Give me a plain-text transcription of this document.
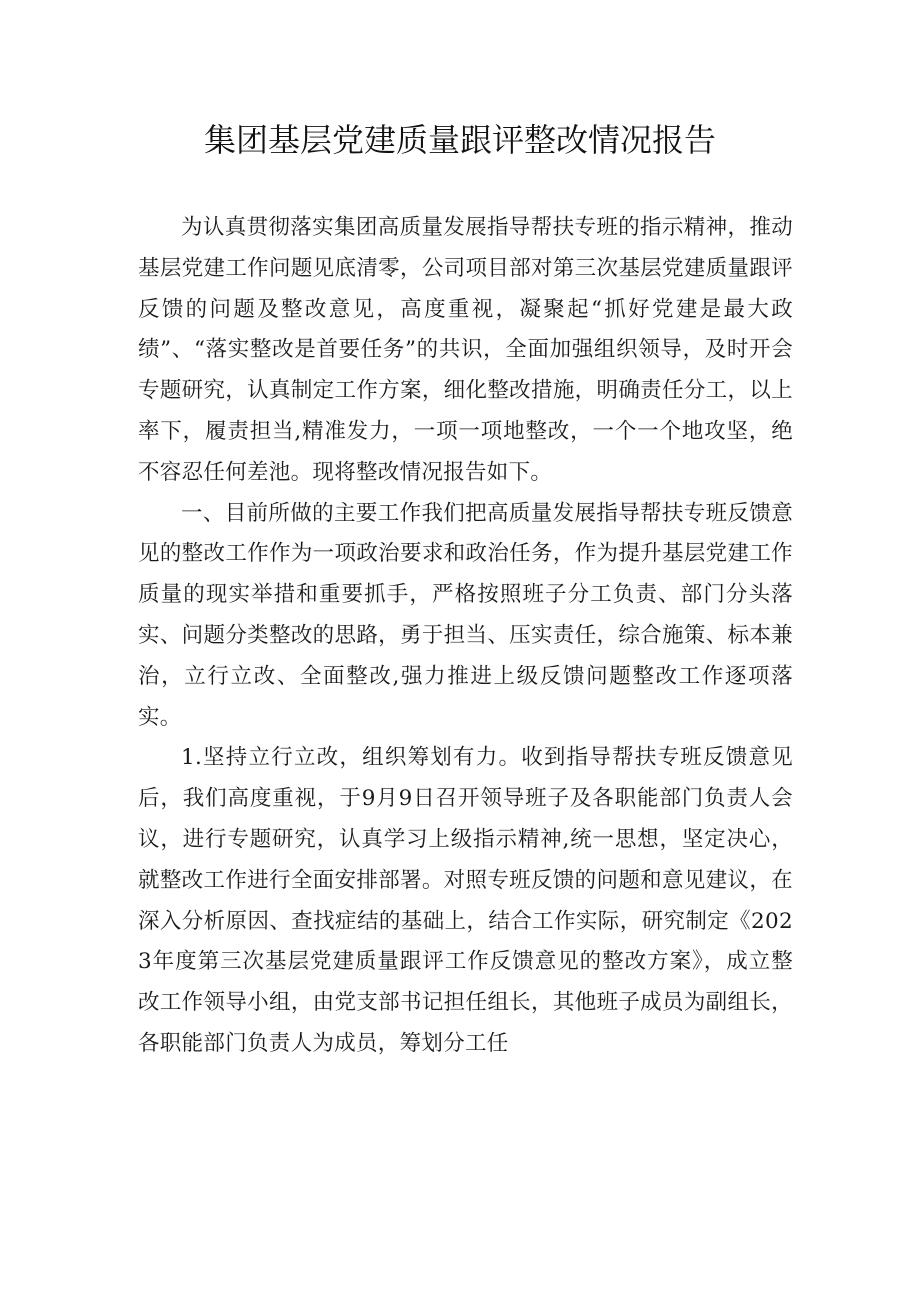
集团基层党建质量跟评整改情况报告

为认真贯彻落实集团高质量发展指导帮扶专班的指示精神，推动基层党建工作问题见底清零，公司项目部对第三次基层党建质量跟评反馈的问题及整改意见，高度重视，凝聚起“抓好党建是最大政绩”、“落实整改是首要任务”的共识，全面加强组织领导，及时开会专题研究，认真制定工作方案，细化整改措施，明确责任分工，以上率下，履责担当,精准发力，一项一项地整改，一个一个地攻坚，绝不容忍任何差池。现将整改情况报告如下。

一、目前所做的主要工作我们把高质量发展指导帮扶专班反馈意见的整改工作作为一项政治要求和政治任务，作为提升基层党建工作质量的现实举措和重要抓手，严格按照班子分工负责、部门分头落实、问题分类整改的思路，勇于担当、压实责任，综合施策、标本兼治，立行立改、全面整改,强力推进上级反馈问题整改工作逐项落实。

1.坚持立行立改，组织筹划有力。收到指导帮扶专班反馈意见后，我们高度重视，于9月9日召开领导班子及各职能部门负责人会议，进行专题研究，认真学习上级指示精神,统一思想，坚定决心，就整改工作进行全面安排部署。对照专班反馈的问题和意见建议，在深入分析原因、查找症结的基础上，结合工作实际，研究制定《2023年度第三次基层党建质量跟评工作反馈意见的整改方案》，成立整改工作领导小组，由党支部书记担任组长，其他班子成员为副组长，各职能部门负责人为成员，筹划分工任
